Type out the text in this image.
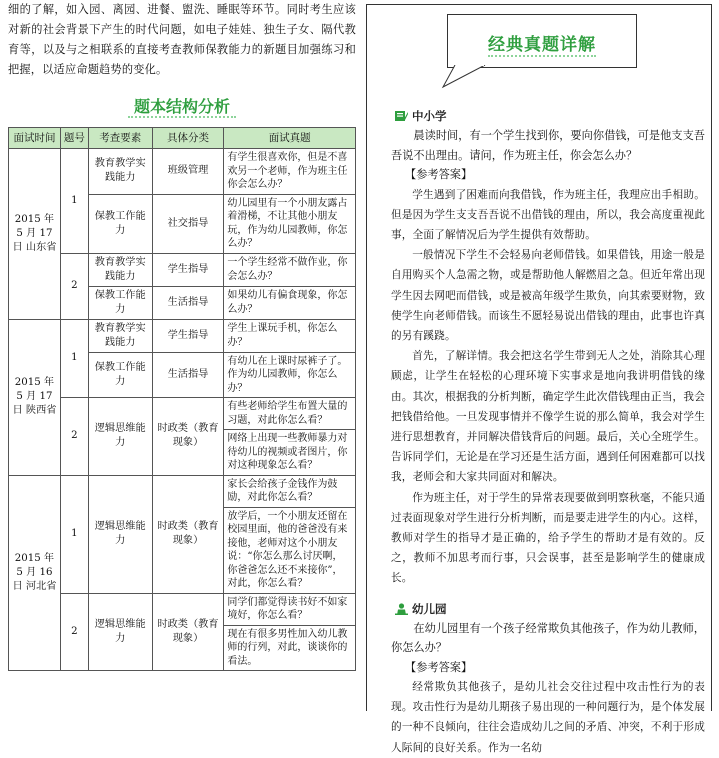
细的了解，如入园、离园、进餐、盥洗、睡眠等环节。同时考生应该对新的社会背景下产生的时代问题，如电子娃娃、独生子女、隔代教育等，以及与之相联系的直接考查教师保教能力的新题目加强练习和把握，以适应命题趋势的变化。
题本结构分析
面试时间	题号	考查要素	具体分类	面试真题
2015 年 5 月 17 日 山东省	1	教育教学实践能力	班级管理	有学生很喜欢你，但是不喜欢另一个老师，作为班主任你会怎么办？
		保教工作能力	社交指导	幼儿园里有一个小朋友露占着滑梯，不让其他小朋友玩，作为幼儿园教师，你怎么办？
	2	教育教学实践能力	学生指导	一个学生经常不做作业，你会怎么办？
		保教工作能力	生活指导	如果幼儿有偏食现象，你怎么办？
2015 年 5 月 17 日 陕西省	1	教育教学实践能力	学生指导	学生上课玩手机，你怎么办？
		保教工作能力	生活指导	有幼儿在上课时尿裤子了。作为幼儿园教师，你怎么办？
	2	逻辑思维能力	时政类（教育现象）	有些老师给学生布置大量的习题，对此你怎么看？
				网络上出现一些教师暴力对待幼儿的视频或者图片，你对这种现象怎么看？
2015 年 5 月 16 日 河北省	1	逻辑思维能力	时政类（教育现象）	家长会给孩子金钱作为鼓励，对此你怎么看？
				放学后，一个小朋友还留在校园里面，他的爸爸没有来接他，老师对这个小朋友说：“你怎么那么讨厌啊，你爸爸怎么还不来接你”，对此，你怎么看？
	2	逻辑思维能力	时政类（教育现象）	同学们都觉得读书好不如家境好，你怎么看？
				现在有很多男性加入幼儿教师的行列，对此，谈谈你的看法。
经典真题详解
中小学

晨读时间，有一个学生找到你，要向你借钱，可是他支支吾吾说不出理由。请问，作为班主任，你会怎么办？

【参考答案】

学生遇到了困难而向我借钱，作为班主任，我理应出手相助。但是因为学生支支吾吾说不出借钱的理由，所以，我会高度重视此事，全面了解情况后为学生提供有效帮助。

一般情况下学生不会轻易向老师借钱。如果借钱，用途一般是自用购买个人急需之物，或是帮助他人解燃眉之急。但近年常出现学生因去网吧而借钱，或是被高年级学生欺负，向其索要财物，致使学生向老师借钱。而该生不愿轻易说出借钱的理由，此事也许真的另有蹊跷。

首先，了解详情。我会把这名学生带到无人之处，消除其心理顾虑，让学生在轻松的心理环境下实事求是地向我讲明借钱的缘由。其次，根据我的分析判断，确定学生此次借钱理由正当，我会把钱借给他。一旦发现事情并不像学生说的那么简单，我会对学生进行思想教育，并同解决借钱背后的问题。最后，关心全班学生。告诉同学们，无论是在学习还是生活方面，遇到任何困难都可以找我，老师会和大家共同面对和解决。

作为班主任，对于学生的异常表现要做到明察秋毫，不能只通过表面现象对学生进行分析判断，而是要走进学生的内心。这样，教师对学生的指导才是正确的，给予学生的帮助才是有效的。反之，教师不加思考而行事，只会误事，甚至是影响学生的健康成长。

幼儿园

在幼儿园里有一个孩子经常欺负其他孩子，作为幼儿教师，你怎么办？

【参考答案】

经常欺负其他孩子，是幼儿社会交往过程中攻击性行为的表现。攻击性行为是幼儿期孩子易出现的一种问题行为，是个体发展的一种不良倾向，往往会造成幼儿之间的矛盾、冲突，不利于形成人际间的良好关系。作为一名幼
